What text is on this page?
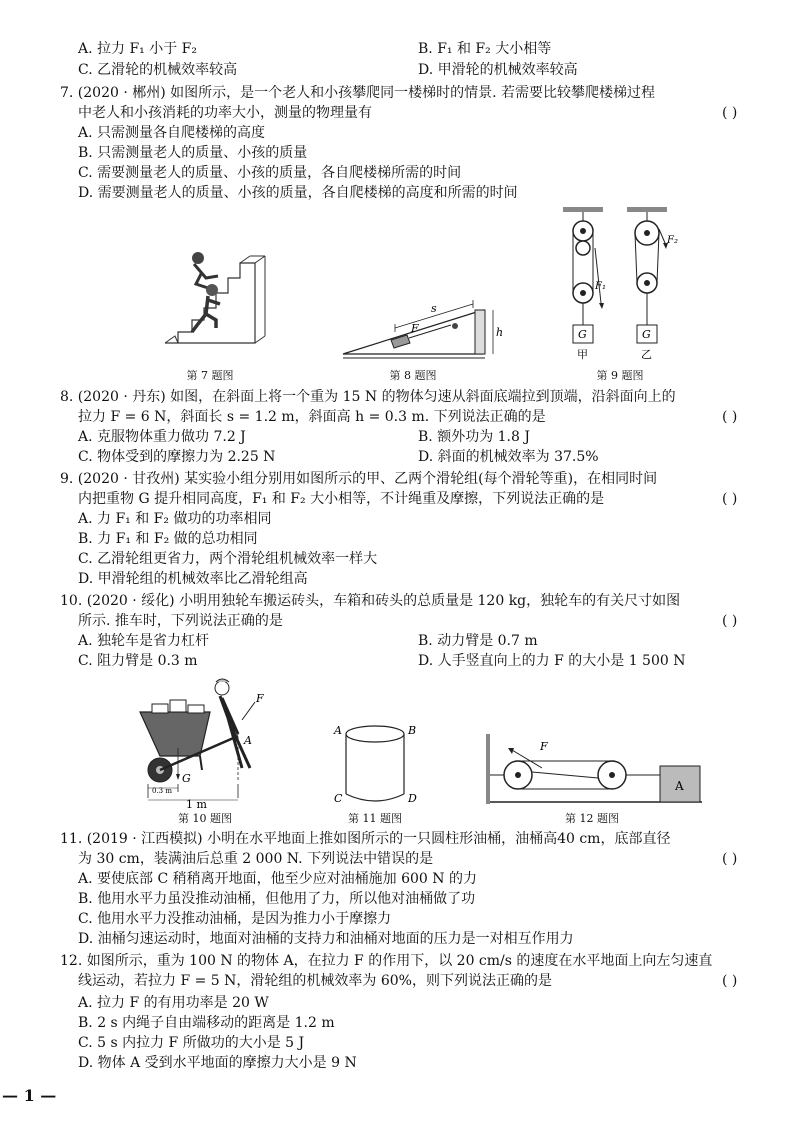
A. 拉力 F₁ 小于 F₂	B. F₁ 和 F₂ 大小相等
C. 乙滑轮的机械效率较高	D. 甲滑轮的机械效率较高
7. (2020 · 郴州) 如图所示，是一个老人和小孩攀爬同一楼梯时的情景. 若需要比较攀爬楼梯过程
中老人和小孩消耗的功率大小，测量的物理量有	( )
A. 只需测量各自爬楼梯的高度
B. 只需测量老人的质量、小孩的质量
C. 需要测量老人的质量、小孩的质量，各自爬楼梯所需的时间
D. 需要测量老人的质量、小孩的质量，各自爬楼梯的高度和所需的时间
第 7 题图
s
F	h
第 8 题图
F₁
G
甲
F₂
G
乙
第 9 题图
8. (2020 · 丹东) 如图，在斜面上将一个重为 15 N 的物体匀速从斜面底端拉到顶端，沿斜面向上的
拉力 F = 6 N，斜面长 s = 1.2 m，斜面高 h = 0.3 m. 下列说法正确的是	( )
A. 克服物体重力做功 7.2 J	B. 额外功为 1.8 J
C. 物体受到的摩擦力为 2.25 N	D. 斜面的机械效率为 37.5%
9. (2020 · 甘孜州) 某实验小组分别用如图所示的甲、乙两个滑轮组(每个滑轮等重)，在相同时间
内把重物 G 提升相同高度，F₁ 和 F₂ 大小相等，不计绳重及摩擦，下列说法正确的是	( )
A. 力 F₁ 和 F₂ 做功的功率相同
B. 力 F₁ 和 F₂ 做的总功相同
C. 乙滑轮组更省力，两个滑轮组机械效率一样大
D. 甲滑轮组的机械效率比乙滑轮组高
10. (2020 · 绥化) 小明用独轮车搬运砖头，车箱和砖头的总质量是 120 kg，独轮车的有关尺寸如图
所示. 推车时，下列说法正确的是	( )
A. 独轮车是省力杠杆	B. 动力臂是 0.7 m
C. 阻力臂是 0.3 m	D. 人手竖直向上的力 F 的大小是 1 500 N
F
A
G
0.3 m
1 m
第 10 题图
A	B
C	D
第 11 题图
F
A
第 12 题图
11. (2019 · 江西模拟) 小明在水平地面上推如图所示的一只圆柱形油桶，油桶高40 cm，底部直径
为 30 cm，装满油后总重 2 000 N. 下列说法中错误的是	( )
A. 要使底部 C 稍稍离开地面，他至少应对油桶施加 600 N 的力
B. 他用水平力虽没推动油桶，但他用了力，所以他对油桶做了功
C. 他用水平力没推动油桶，是因为推力小于摩擦力
D. 油桶匀速运动时，地面对油桶的支持力和油桶对地面的压力是一对相互作用力
12. 如图所示，重为 100 N 的物体 A，在拉力 F 的作用下，以 20 cm/s 的速度在水平地面上向左匀速直
线运动，若拉力 F = 5 N，滑轮组的机械效率为 60%，则下列说法正确的是	( )
A. 拉力 F 的有用功率是 20 W
B. 2 s 内绳子自由端移动的距离是 1.2 m
C. 5 s 内拉力 F 所做功的大小是 5 J
D. 物体 A 受到水平地面的摩擦力大小是 9 N
— 1 —
